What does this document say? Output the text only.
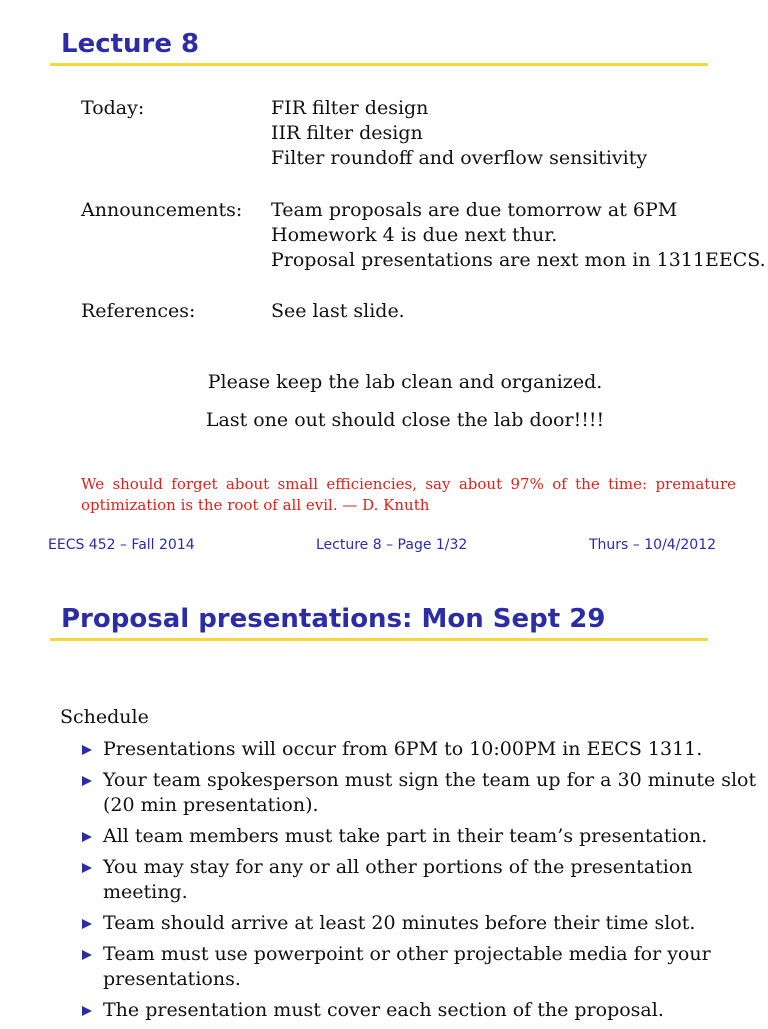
Lecture 8
Today:	FIR filter design
IIR filter design
Filter roundoff and overflow sensitivity
Announcements: Team proposals are due tomorrow at 6PM
Homework 4 is due next thur.
Proposal presentations are next mon in 1311EECS.
References:	See last slide.
Please keep the lab clean and organized.
Last one out should close the lab door!!!!
We should forget about small efficiencies, say about 97% of the time: premature optimization is the root of all evil. — D. Knuth
EECS 452 – Fall 2014	Lecture 8 – Page 1/32	Thurs – 10/4/2012
Proposal presentations: Mon Sept 29
Schedule
Presentations will occur from 6PM to 10:00PM in EECS 1311.
Your team spokesperson must sign the team up for a 30 minute slot (20 min presentation).
All team members must take part in their team’s presentation.
You may stay for any or all other portions of the presentation meeting.
Team should arrive at least 20 minutes before their time slot.
Team must use powerpoint or other projectable media for your presentations.
The presentation must cover each section of the proposal.
